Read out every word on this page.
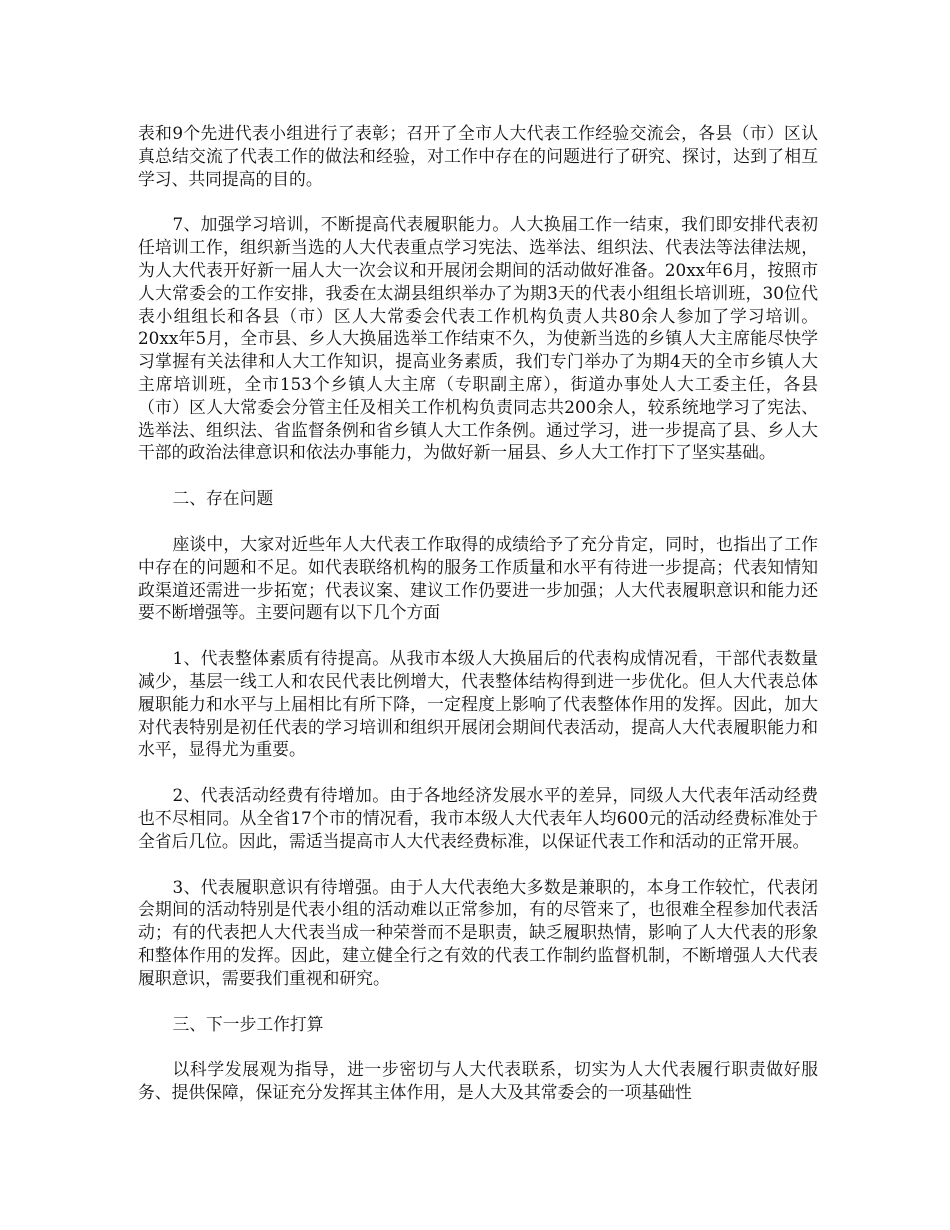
表和9个先进代表小组进行了表彰；召开了全市人大代表工作经验交流会，各县（市）区认真总结交流了代表工作的做法和经验，对工作中存在的问题进行了研究、探讨，达到了相互学习、共同提高的目的。

7、加强学习培训，不断提高代表履职能力。人大换届工作一结束，我们即安排代表初任培训工作，组织新当选的人大代表重点学习宪法、选举法、组织法、代表法等法律法规，为人大代表开好新一届人大一次会议和开展闭会期间的活动做好准备。20xx年6月，按照市人大常委会的工作安排，我委在太湖县组织举办了为期3天的代表小组组长培训班，30位代表小组组长和各县（市）区人大常委会代表工作机构负责人共80余人参加了学习培训。20xx年5月，全市县、乡人大换届选举工作结束不久，为使新当选的乡镇人大主席能尽快学习掌握有关法律和人大工作知识，提高业务素质，我们专门举办了为期4天的全市乡镇人大主席培训班，全市153个乡镇人大主席（专职副主席），街道办事处人大工委主任，各县（市）区人大常委会分管主任及相关工作机构负责同志共200余人，较系统地学习了宪法、选举法、组织法、省监督条例和省乡镇人大工作条例。通过学习，进一步提高了县、乡人大干部的政治法律意识和依法办事能力，为做好新一届县、乡人大工作打下了坚实基础。

二、存在问题

座谈中，大家对近些年人大代表工作取得的成绩给予了充分肯定，同时，也指出了工作中存在的问题和不足。如代表联络机构的服务工作质量和水平有待进一步提高；代表知情知政渠道还需进一步拓宽；代表议案、建议工作仍要进一步加强；人大代表履职意识和能力还要不断增强等。主要问题有以下几个方面

1、代表整体素质有待提高。从我市本级人大换届后的代表构成情况看，干部代表数量减少，基层一线工人和农民代表比例增大，代表整体结构得到进一步优化。但人大代表总体履职能力和水平与上届相比有所下降，一定程度上影响了代表整体作用的发挥。因此，加大对代表特别是初任代表的学习培训和组织开展闭会期间代表活动，提高人大代表履职能力和水平，显得尤为重要。

2、代表活动经费有待增加。由于各地经济发展水平的差异，同级人大代表年活动经费也不尽相同。从全省17个市的情况看，我市本级人大代表年人均600元的活动经费标准处于全省后几位。因此，需适当提高市人大代表经费标准，以保证代表工作和活动的正常开展。

3、代表履职意识有待增强。由于人大代表绝大多数是兼职的，本身工作较忙，代表闭会期间的活动特别是代表小组的活动难以正常参加，有的尽管来了，也很难全程参加代表活动；有的代表把人大代表当成一种荣誉而不是职责，缺乏履职热情，影响了人大代表的形象和整体作用的发挥。因此，建立健全行之有效的代表工作制约监督机制，不断增强人大代表履职意识，需要我们重视和研究。

三、下一步工作打算

以科学发展观为指导，进一步密切与人大代表联系，切实为人大代表履行职责做好服务、提供保障，保证充分发挥其主体作用，是人大及其常委会的一项基础性
